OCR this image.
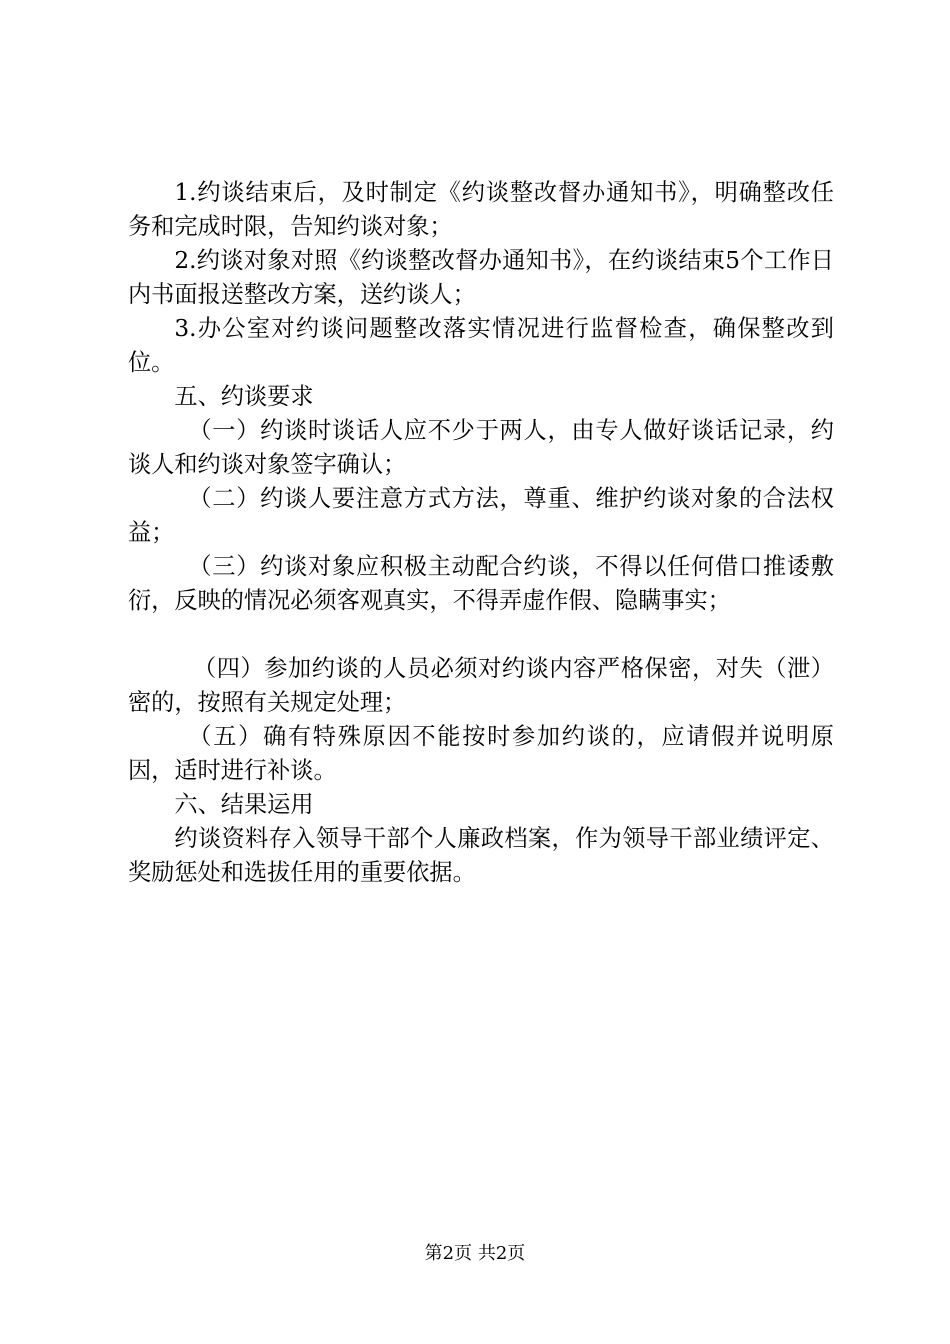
1.约谈结束后，及时制定《约谈整改督办通知书》，明确整改任务和完成时限，告知约谈对象；

2.约谈对象对照《约谈整改督办通知书》，在约谈结束5个工作日内书面报送整改方案，送约谈人；

3.办公室对约谈问题整改落实情况进行监督检查，确保整改到位。

五、约谈要求

（一）约谈时谈话人应不少于两人，由专人做好谈话记录，约谈人和约谈对象签字确认；

（二）约谈人要注意方式方法，尊重、维护约谈对象的合法权益；

（三）约谈对象应积极主动配合约谈，不得以任何借口推诿敷衍，反映的情况必须客观真实，不得弄虚作假、隐瞒事实；

（四）参加约谈的人员必须对约谈内容严格保密，对失（泄）密的，按照有关规定处理；

（五）确有特殊原因不能按时参加约谈的，应请假并说明原因，适时进行补谈。

六、结果运用

约谈资料存入领导干部个人廉政档案，作为领导干部业绩评定、奖励惩处和选拔任用的重要依据。

第2页 共2页
